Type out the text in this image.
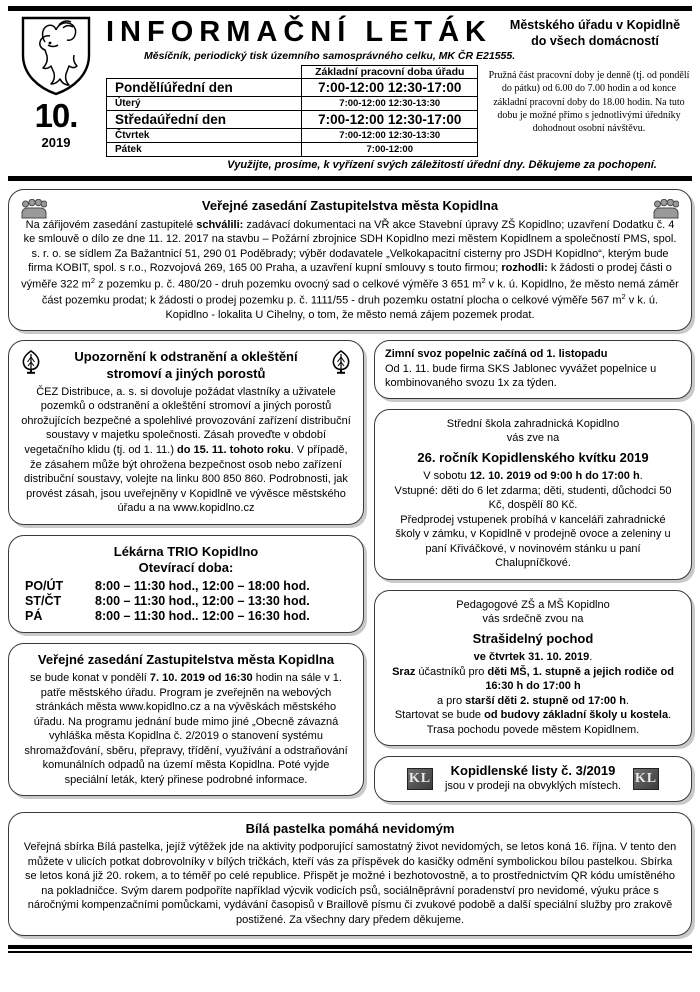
10.
2019
INFORMAČNÍ LETÁK	Městského úřadu v Kopidlně
do všech domácností
Měsíčník, periodický tisk územního samosprávného celku, MK ČR E21555.
	Základní pracovní doba úřadu
Pondělíúřední den	7:00-12:00 12:30-17:00
Úterý	7:00-12:00 12:30-13:30
Středaúřední den	7:00-12:00 12:30-17:00
Čtvrtek	7:00-12:00 12:30-13:30
Pátek	7:00-12:00
Pružná část pracovní doby je denně (tj. od pondělí do pátku) od 6.00 do 7.00 hodin a od konce základní pracovní doby do 18.00 hodin. Na tuto dobu je možné přímo s jednotlivými úředníky dohodnout osobní návštěvu.
Využijte, prosíme, k vyřízení svých záležitostí úřední dny. Děkujeme za pochopení.
Veřejné zasedání Zastupitelstva města Kopidlna
Na zářijovém zasedání zastupitelé schválili: zadávací dokumentaci na VŘ akce Stavební úpravy ZŠ Kopidlno; uzavření Dodatku č. 4 ke smlouvě o dílo ze dne 11. 12. 2017 na stavbu – Požární zbrojnice SDH Kopidlno mezi městem Kopidlnem a společností PMS, spol. s. r. o. se sídlem Za Bažantnicí 51, 290 01 Poděbrady; výběr dodavatele „Velkokapacitní cisterny pro JSDH Kopidlno“, kterým bude firma KOBIT, spol. s r.o., Rozvojová 269, 165 00 Praha, a uzavření kupní smlouvy s touto firmou; rozhodli: k žádosti o prodej části o výměře 322 $m^2$ z pozemku p. č. 480/20 - druh pozemku ovocný sad o celkové výměře 3 651 $m^2$ v k. ú. Kopidlno, že město nemá záměr část pozemku prodat; k žádosti o prodej pozemku p. č. 1111/55 - druh pozemku ostatní plocha o celkové výměře 567 $m^2$ v k. ú. Kopidlno - lokalita U Cihelny, o tom, že město nemá zájem pozemek prodat.
Upozornění k odstranění a okleštění
stromoví a jiných porostů
ČEZ Distribuce, a. s. si dovoluje požádat vlastníky a uživatele pozemků o odstranění a okleštění stromoví a jiných porostů ohrožujících bezpečné a spolehlivé provozování zařízení distribuční soustavy v majetku společnosti. Zásah proveďte v období vegetačního klidu (tj. od 1. 11.) do 15. 11. tohoto roku. V případě, že zásahem může být ohrožena bezpečnost osob nebo zařízení distribuční soustavy, volejte na linku 800 850 860. Podrobnosti, jak provést zásah, jsou uveřejněny v Kopidlně ve vývěsce městského úřadu a na www.kopidlno.cz
Lékárna TRIO Kopidlno
Otevírací doba:
PO/ÚT	8:00 – 11:30 hod., 12:00 – 18:00 hod.
ST/ČT	8:00 – 11:30 hod., 12:00 – 13:30 hod.
PÁ	8:00 – 11:30 hod.. 12:00 – 16:30 hod.
Veřejné zasedání Zastupitelstva města Kopidlna
se bude konat v pondělí 7. 10. 2019 od 16:30 hodin na sále v 1. patře městského úřadu. Program je zveřejněn na webových stránkách města www.kopidlno.cz a na vývěskách městského úřadu. Na programu jednání bude mimo jiné „Obecně závazná vyhláška města Kopidlna č. 2/2019 o stanovení systému shromažďování, sběru, přepravy, třídění, využívání a odstraňování komunálních odpadů na území města Kopidlna. Poté vyjde speciální leták, který přinese podrobné informace.
Zimní svoz popelnic začíná od 1. listopadu
Od 1. 11. bude firma SKS Jablonec vyvážet popelnice u kombinovaného svozu 1x za týden.
Střední škola zahradnická Kopidlno
vás zve na
26. ročník Kopidlenského kvítku 2019
V sobotu 12. 10. 2019 od 9:00 h do 17:00 h.
Vstupné: děti do 6 let zdarma; děti, studenti, důchodci 50 Kč, dospělí 80 Kč.
Předprodej vstupenek probíhá v kanceláři zahradnické školy v zámku, v Kopidlně v prodejně ovoce a zeleniny u paní Křiváčkové, v novinovém stánku u paní Chalupníčkové.
Pedagogové ZŠ a MŠ Kopidlno
vás srdečně zvou na
Strašidelný pochod
ve čtvrtek 31. 10. 2019.
Sraz účastníků pro děti MŠ, 1. stupně a jejich rodiče od 16:30 h do 17:00 h
a pro starší děti 2. stupně od 17:00 h.
Startovat se bude od budovy základní školy u kostela.
Trasa pochodu povede městem Kopidlnem.
KL	Kopidlenské listy č. 3/2019
jsou v prodeji na obvyklých místech.
KL
Bílá pastelka pomáhá nevidomým
Veřejná sbírka Bílá pastelka, jejíž výtěžek jde na aktivity podporující samostatný život nevidomých, se letos koná 16. října. V tento den můžete v ulicích potkat dobrovolníky v bílých tričkách, kteří vás za příspěvek do kasičky odmění symbolickou bílou pastelkou. Sbírka se letos koná již 20. rokem, a to téměř po celé republice. Přispět je možné i bezhotovostně, a to prostřednictvím QR kódu umístěného na pokladničce. Svým darem podpoříte například výcvik vodicích psů, sociálněprávní poradenství pro nevidomé, výuku práce s náročnými kompenzačními pomůckami, vydávání časopisů v Braillově písmu či zvukové podobě a další speciální služby pro zrakově postižené. Za všechny dary předem děkujeme.
